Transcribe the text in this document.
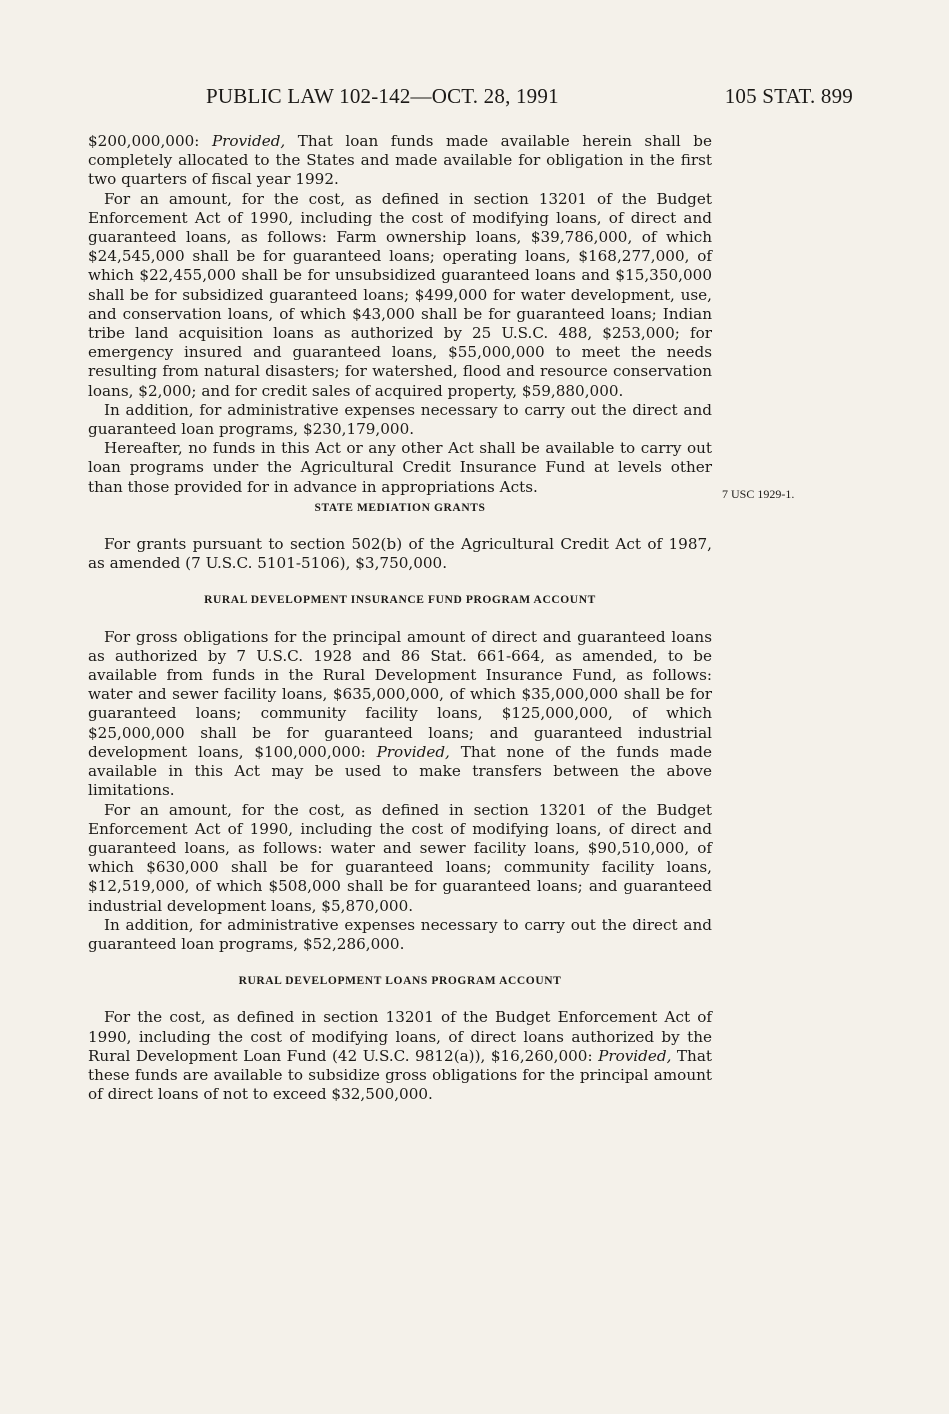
PUBLIC LAW 102-142—OCT. 28, 1991	105 STAT. 899
7 USC 1929-1.

$200,000,000: Provided, That loan funds made available herein shall be completely allocated to the States and made available for obligation in the first two quarters of fiscal year 1992.

For an amount, for the cost, as defined in section 13201 of the Budget Enforcement Act of 1990, including the cost of modifying loans, of direct and guaranteed loans, as follows: Farm ownership loans, $39,786,000, of which $24,545,000 shall be for guaranteed loans; operating loans, $168,277,000, of which $22,455,000 shall be for unsubsidized guaranteed loans and $15,350,000 shall be for subsidized guaranteed loans; $499,000 for water development, use, and conservation loans, of which $43,000 shall be for guaranteed loans; Indian tribe land acquisition loans as authorized by 25 U.S.C. 488, $253,000; for emergency insured and guaranteed loans, $55,000,000 to meet the needs resulting from natural disasters; for watershed, flood and resource conservation loans, $2,000; and for credit sales of acquired property, $59,880,000.

In addition, for administrative expenses necessary to carry out the direct and guaranteed loan programs, $230,179,000.

Hereafter, no funds in this Act or any other Act shall be available to carry out loan programs under the Agricultural Credit Insurance Fund at levels other than those provided for in advance in appropriations Acts.

STATE MEDIATION GRANTS

For grants pursuant to section 502(b) of the Agricultural Credit Act of 1987, as amended (7 U.S.C. 5101-5106), $3,750,000.

RURAL DEVELOPMENT INSURANCE FUND PROGRAM ACCOUNT

For gross obligations for the principal amount of direct and guaranteed loans as authorized by 7 U.S.C. 1928 and 86 Stat. 661-664, as amended, to be available from funds in the Rural Development Insurance Fund, as follows: water and sewer facility loans, $635,000,000, of which $35,000,000 shall be for guaranteed loans; community facility loans, $125,000,000, of which $25,000,000 shall be for guaranteed loans; and guaranteed industrial development loans, $100,000,000: Provided, That none of the funds made available in this Act may be used to make transfers between the above limitations.

For an amount, for the cost, as defined in section 13201 of the Budget Enforcement Act of 1990, including the cost of modifying loans, of direct and guaranteed loans, as follows: water and sewer facility loans, $90,510,000, of which $630,000 shall be for guaranteed loans; community facility loans, $12,519,000, of which $508,000 shall be for guaranteed loans; and guaranteed industrial development loans, $5,870,000.

In addition, for administrative expenses necessary to carry out the direct and guaranteed loan programs, $52,286,000.

RURAL DEVELOPMENT LOANS PROGRAM ACCOUNT

For the cost, as defined in section 13201 of the Budget Enforcement Act of 1990, including the cost of modifying loans, of direct loans authorized by the Rural Development Loan Fund (42 U.S.C. 9812(a)), $16,260,000: Provided, That these funds are available to subsidize gross obligations for the principal amount of direct loans of not to exceed $32,500,000.
